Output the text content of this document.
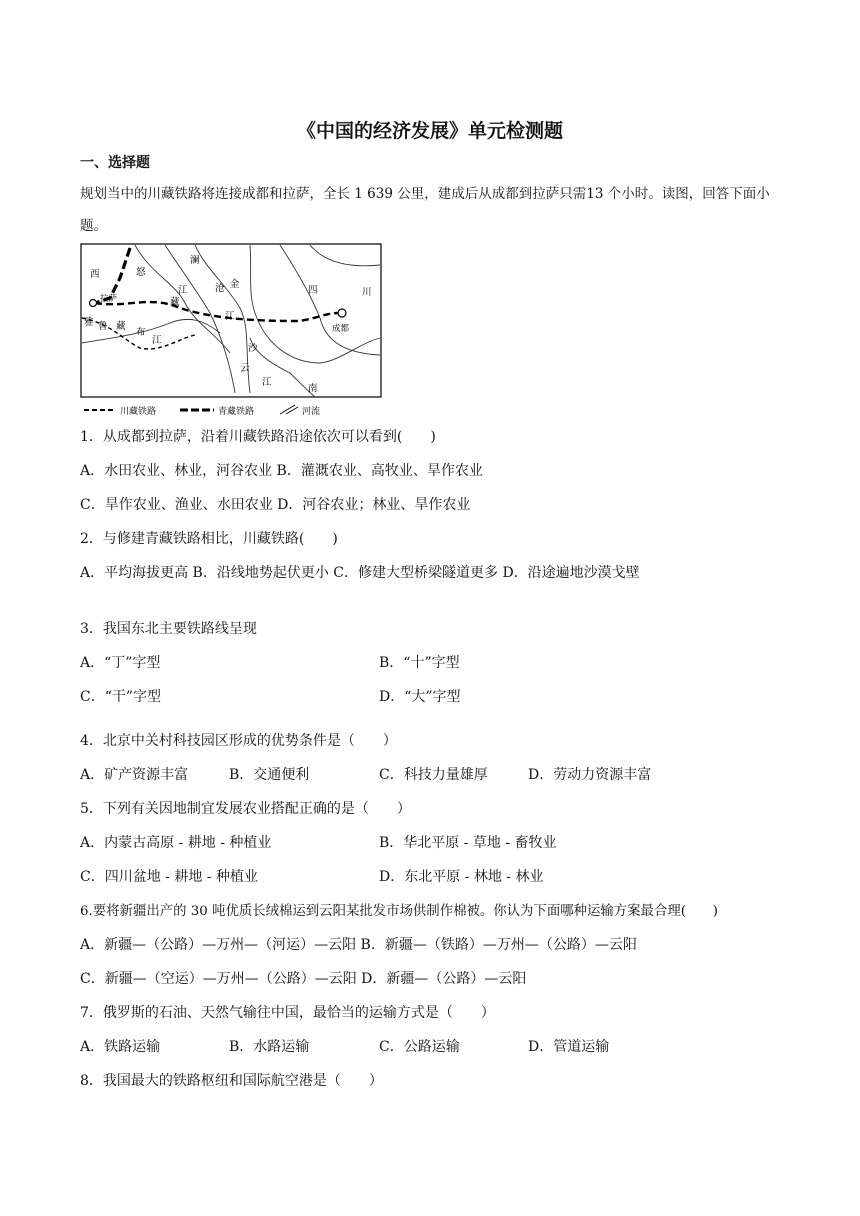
《中国的经济发展》单元检测题
一、选择题
规划当中的川藏铁路将连接成都和拉萨，全长 1 639 公里，建成后从成都到拉萨只需13 个小时。读图，回答下面小题。
西	怒
澜
江	沧 金
拉萨	藏
江
四	川
成都
雅 鲁 藏
布
江
沙
江
云
南
川藏铁路	青藏铁路	河流
1．从成都到拉萨，沿着川藏铁路沿途依次可以看到(　　)
A．水田农业、林业，河谷农业 B．灌溉农业、高牧业、旱作农业
C．旱作农业、渔业、水田农业 D．河谷农业；林业、旱作农业
2．与修建青藏铁路相比，川藏铁路(　　)
A．平均海拔更高 B．沿线地势起伏更小 C．修建大型桥梁隧道更多 D．沿途遍地沙漠戈壁
3．我国东北主要铁路线呈现
A．“丁”字型	B．“十”字型
C．“干”字型	D．“大”字型
4．北京中关村科技园区形成的优势条件是（　　）
A．矿产资源丰富	B．交通便利	C．科技力量雄厚	D．劳动力资源丰富
5．下列有关因地制宜发展农业搭配正确的是（　　）
A．内蒙古高原 - 耕地 - 种植业	B．华北平原 - 草地 - 畜牧业
C．四川盆地 - 耕地 - 种植业	D．东北平原 - 林地 - 林业
6.要将新疆出产的 30 吨优质长绒棉运到云阳某批发市场供制作棉被。你认为下面哪种运输方案最合理(　　)
A．新疆—（公路）—万州—（河运）—云阳 B．新疆—（铁路）—万州—（公路）—云阳
C．新疆—（空运）—万州—（公路）—云阳 D．新疆—（公路）—云阳
7．俄罗斯的石油、天然气输往中国，最恰当的运输方式是（　　）
A．铁路运输	B．水路运输	C．公路运输	D．管道运输
8．我国最大的铁路枢纽和国际航空港是（　　）
